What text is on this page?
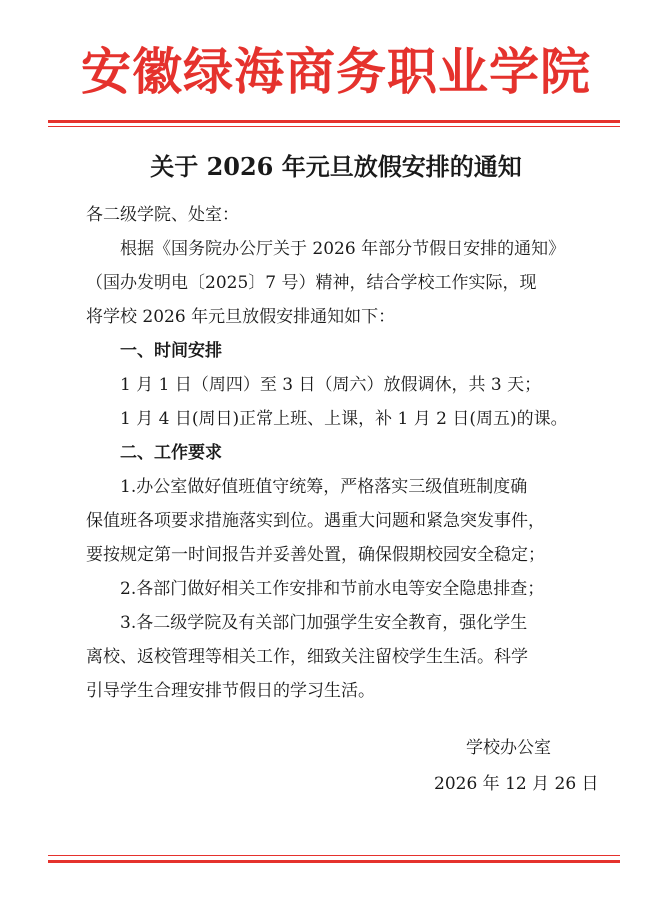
安徽绿海商务职业学院
关于 2026 年元旦放假安排的通知

各二级学院、处室：

根据《国务院办公厅关于 2026 年部分节假日安排的通知》

（国办发明电〔2025〕7 号）精神，结合学校工作实际，现

将学校 2026 年元旦放假安排通知如下：

一、时间安排

1 月 1 日（周四）至 3 日（周六）放假调休，共 3 天；

1 月 4 日(周日)正常上班、上课，补 1 月 2 日(周五)的课。

二、工作要求

1.办公室做好值班值守统筹，严格落实三级值班制度确

保值班各项要求措施落实到位。遇重大问题和紧急突发事件，

要按规定第一时间报告并妥善处置，确保假期校园安全稳定；

2.各部门做好相关工作安排和节前水电等安全隐患排查；

3.各二级学院及有关部门加强学生安全教育，强化学生

离校、返校管理等相关工作，细致关注留校学生生活。科学

引导学生合理安排节假日的学习生活。

学校办公室
2026 年 12 月 26 日
